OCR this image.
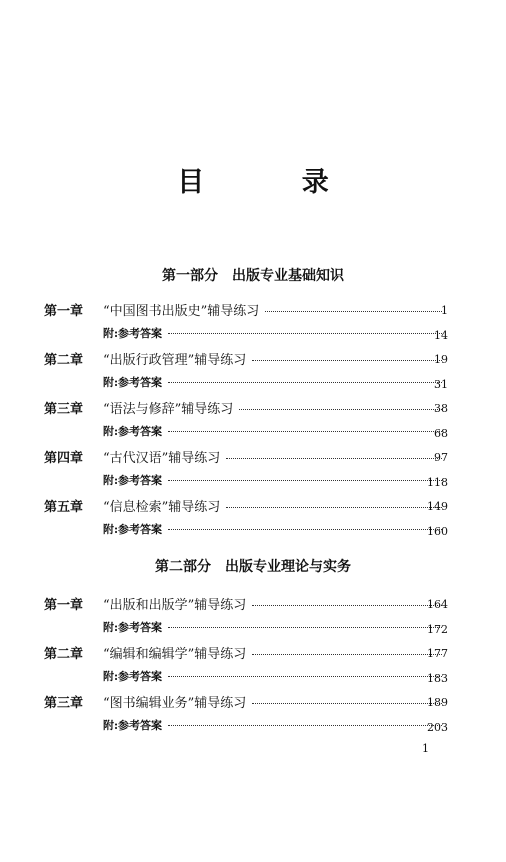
目 录
第一部分　出版专业基础知识
第一章 “中国图书出版史”辅导练习	1
附:参考答案	14
第二章 “出版行政管理”辅导练习	19
附:参考答案	31
第三章 “语法与修辞”辅导练习	38
附:参考答案	68
第四章 “古代汉语”辅导练习	97
附:参考答案	118
第五章 “信息检索”辅导练习	149
附:参考答案	160
第二部分　出版专业理论与实务
第一章 “出版和出版学”辅导练习	164
附:参考答案	172
第二章 “编辑和编辑学”辅导练习	177
附:参考答案	183
第三章 “图书编辑业务”辅导练习	189
附:参考答案	203
1
